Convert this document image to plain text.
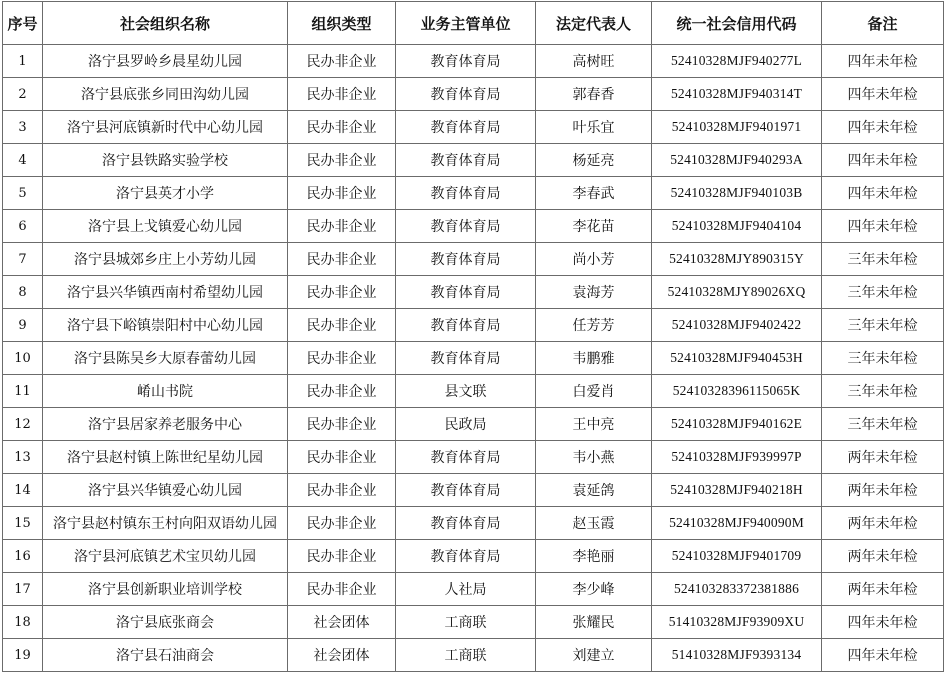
序号	社会组织名称	组织类型	业务主管单位	法定代表人	统一社会信用代码	备注
1	洛宁县罗岭乡晨星幼儿园	民办非企业	教育体育局	高树旺	52410328MJF940277L	四年未年检
2	洛宁县底张乡同田沟幼儿园	民办非企业	教育体育局	郭春香	52410328MJF940314T	四年未年检
3	洛宁县河底镇新时代中心幼儿园	民办非企业	教育体育局	叶乐宜	52410328MJF9401971	四年未年检
4	洛宁县铁路实验学校	民办非企业	教育体育局	杨延亮	52410328MJF940293A	四年未年检
5	洛宁县英才小学	民办非企业	教育体育局	李春武	52410328MJF940103B	四年未年检
6	洛宁县上戈镇爱心幼儿园	民办非企业	教育体育局	李花苗	52410328MJF9404104	四年未年检
7	洛宁县城郊乡庄上小芳幼儿园	民办非企业	教育体育局	尚小芳	52410328MJY890315Y	三年未年检
8	洛宁县兴华镇西南村希望幼儿园	民办非企业	教育体育局	袁海芳	52410328MJY89026XQ	三年未年检
9	洛宁县下峪镇崇阳村中心幼儿园	民办非企业	教育体育局	任芳芳	52410328MJF9402422	三年未年检
10	洛宁县陈吴乡大原春蕾幼儿园	民办非企业	教育体育局	韦鹏雅	52410328MJF940453H	三年未年检
11	崤山书院	民办非企业	县文联	白爱肖	524103283961150​65K	三年未年检
12	洛宁县居家养老服务中心	民办非企业	民政局	王中亮	52410328MJF940162E	三年未年检
13	洛宁县赵村镇上陈世纪星幼儿园	民办非企业	教育体育局	韦小燕	52410328MJF939997P	两年未年检
14	洛宁县兴华镇爱心幼儿园	民办非企业	教育体育局	袁延鸽	52410328MJF940218H	两年未年检
15	洛宁县赵村镇东王村向阳双语幼儿园	民办非企业	教育体育局	赵玉霞	52410328MJF940090M	两年未年检
16	洛宁县河底镇艺术宝贝幼儿园	民办非企业	教育体育局	李艳丽	52410328MJF9401709	两年未年检
17	洛宁县创新职业培训学校	民办非企业	人社局	李少峰	524103283372381886	两年未年检
18	洛宁县底张商会	社会团体	工商联	张耀民	51410328MJF93909XU	四年未年检
19	洛宁县石油商会	社会团体	工商联	刘建立	51410328MJF9393134	四年未年检
